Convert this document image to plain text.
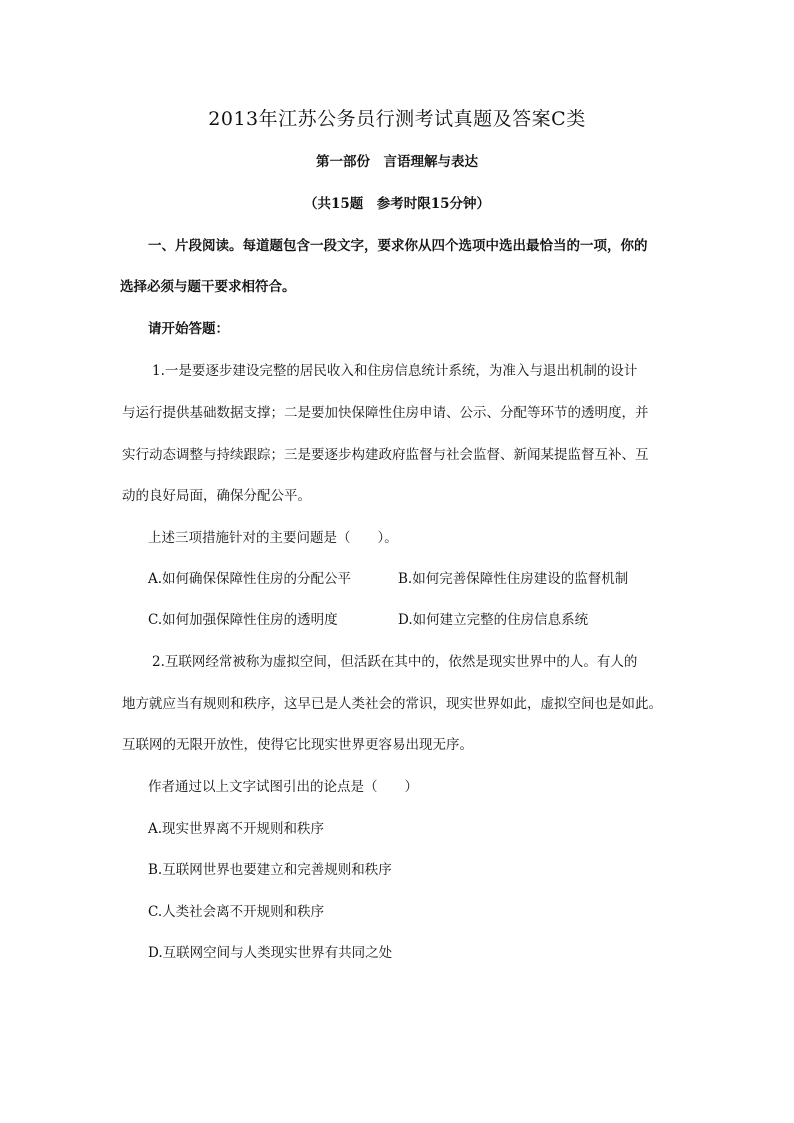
2013年江苏公务员行测考试真题及答案C类
第一部份　言语理解与表达
（共15题　参考时限15分钟）
一、片段阅读。每道题包含一段文字，要求你从四个选项中选出最恰当的一项，你的
选择必须与题干要求相符合。
请开始答题：
1.一是要逐步建设完整的居民收入和住房信息统计系统，为准入与退出机制的设计
与运行提供基础数据支撑；二是要加快保障性住房申请、公示、分配等环节的透明度，并
实行动态调整与持续跟踪；三是要逐步构建政府监督与社会监督、新闻某提监督互补、互
动的良好局面，确保分配公平。
上述三项措施针对的主要问题是（　　）。
A.如何确保保障性住房的分配公平	B.如何完善保障性住房建设的监督机制
C.如何加强保障性住房的透明度	D.如何建立完整的住房信息系统
2.互联网经常被称为虚拟空间，但活跃在其中的，依然是现实世界中的人。有人的
地方就应当有规则和秩序，这早已是人类社会的常识，现实世界如此，虚拟空间也是如此。
互联网的无限开放性，使得它比现实世界更容易出现无序。
作者通过以上文字试图引出的论点是（　　）
A.现实世界离不开规则和秩序
B.互联网世界也要建立和完善规则和秩序
C.人类社会离不开规则和秩序
D.互联网空间与人类现实世界有共同之处
